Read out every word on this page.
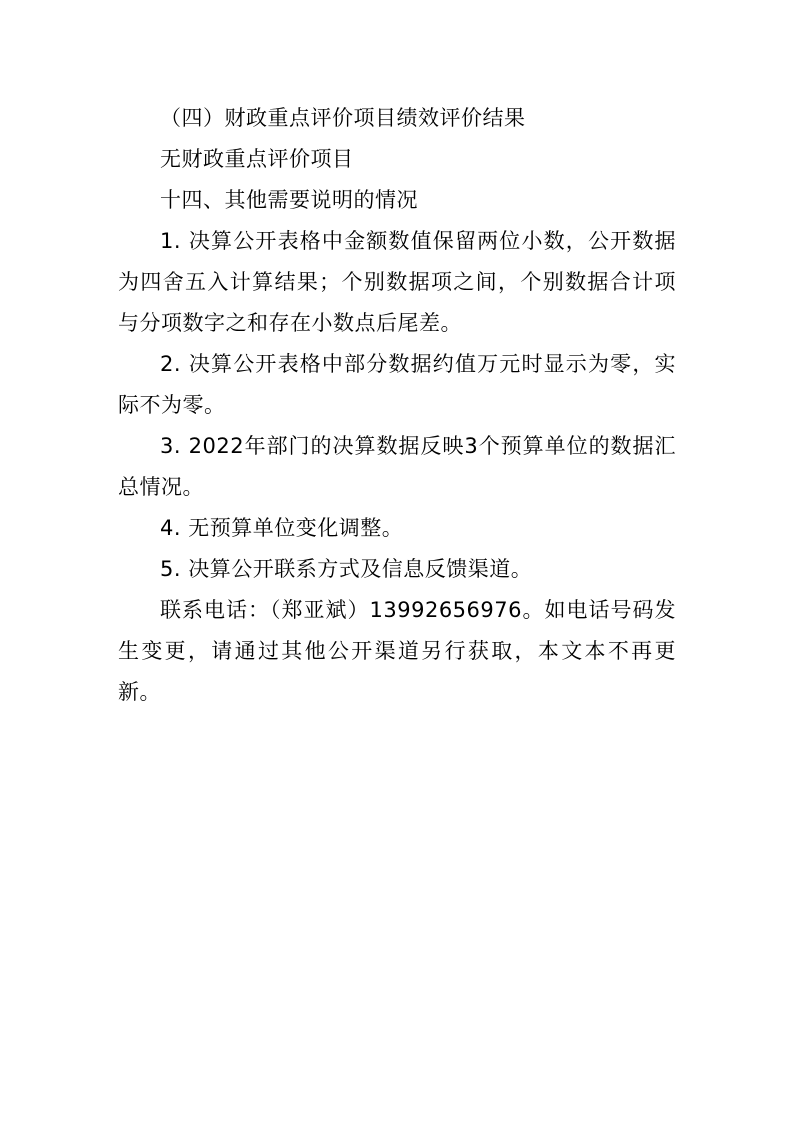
（四）财政重点评价项目绩效评价结果

无财政重点评价项目

十四、其他需要说明的情况

1. 决算公开表格中金额数值保留两位小数，公开数据为四舍五入计算结果；个别数据项之间，个别数据合计项与分项数字之和存在小数点后尾差。

2. 决算公开表格中部分数据约值万元时显示为零，实际不为零。

3. 2022年部门的决算数据反映3个预算单位的数据汇总情况。

4. 无预算单位变化调整。

5. 决算公开联系方式及信息反馈渠道。

联系电话：（郑亚斌）13992656976。如电话号码发生变更，请通过其他公开渠道另行获取，本文本不再更新。
